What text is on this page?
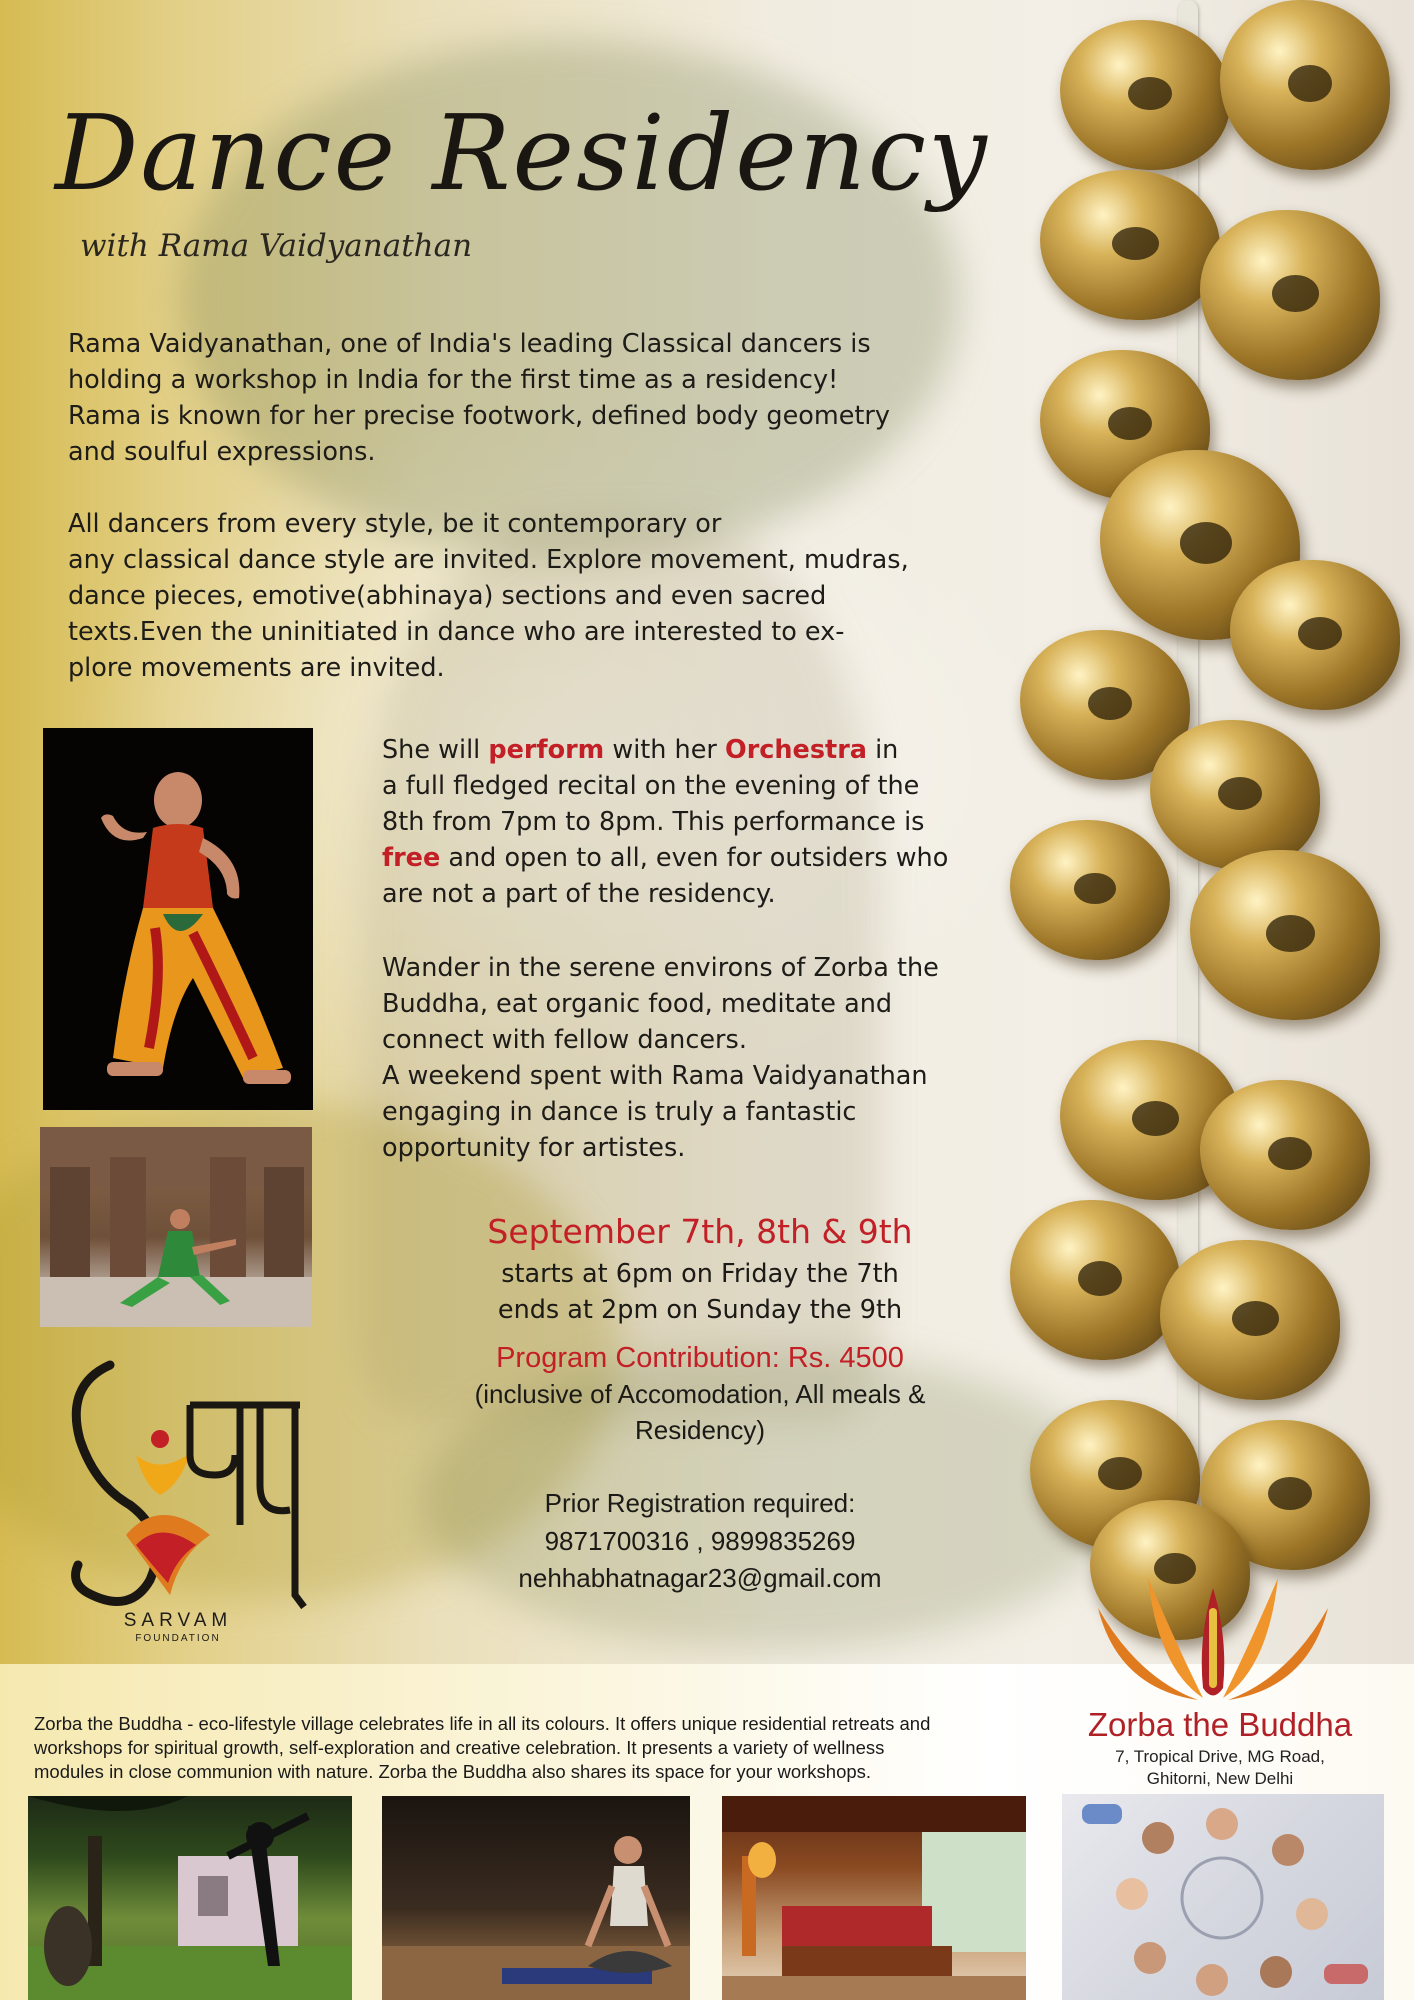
Dance Residency
with Rama Vaidyanathan
Rama Vaidyanathan, one of India's leading Classical dancers is
holding a workshop in India for the first time as a residency!
Rama is known for her precise footwork, defined body geometry
and soulful expressions.
All dancers from every style, be it contemporary or
any classical dance style are invited. Explore movement, mudras,
dance pieces, emotive(abhinaya) sections and even sacred
texts.Even the uninitiated in dance who are interested to ex-
plore movements are invited.
She will perform with her Orchestra in
a full fledged recital on the evening of the
8th from 7pm to 8pm. This performance is
free and open to all, even for outsiders who
are not a part of the residency.
Wander in the serene environs of Zorba the
Buddha, eat organic food, meditate and
connect with fellow dancers.
A weekend spent with Rama Vaidyanathan
engaging in dance is truly a fantastic
opportunity for artistes.
September 7th, 8th & 9th
starts at 6pm on Friday the 7th
ends at 2pm on Sunday the 9th
Program Contribution: Rs. 4500
(inclusive of Accomodation, All meals &
Residency)
Prior Registration required:
9871700316 , 9899835269
nehhabhatnagar23@gmail.com
SARVAM
FOUNDATION
Zorba the Buddha - eco-lifestyle village celebrates life in all its colours. It offers unique residential retreats and
workshops for spiritual growth, self-exploration and creative celebration. It presents a variety of wellness
modules in close communion with nature. Zorba the Buddha also shares its space for your workshops.
Zorba the Buddha
7, Tropical Drive, MG Road,
Ghitorni, New Delhi
